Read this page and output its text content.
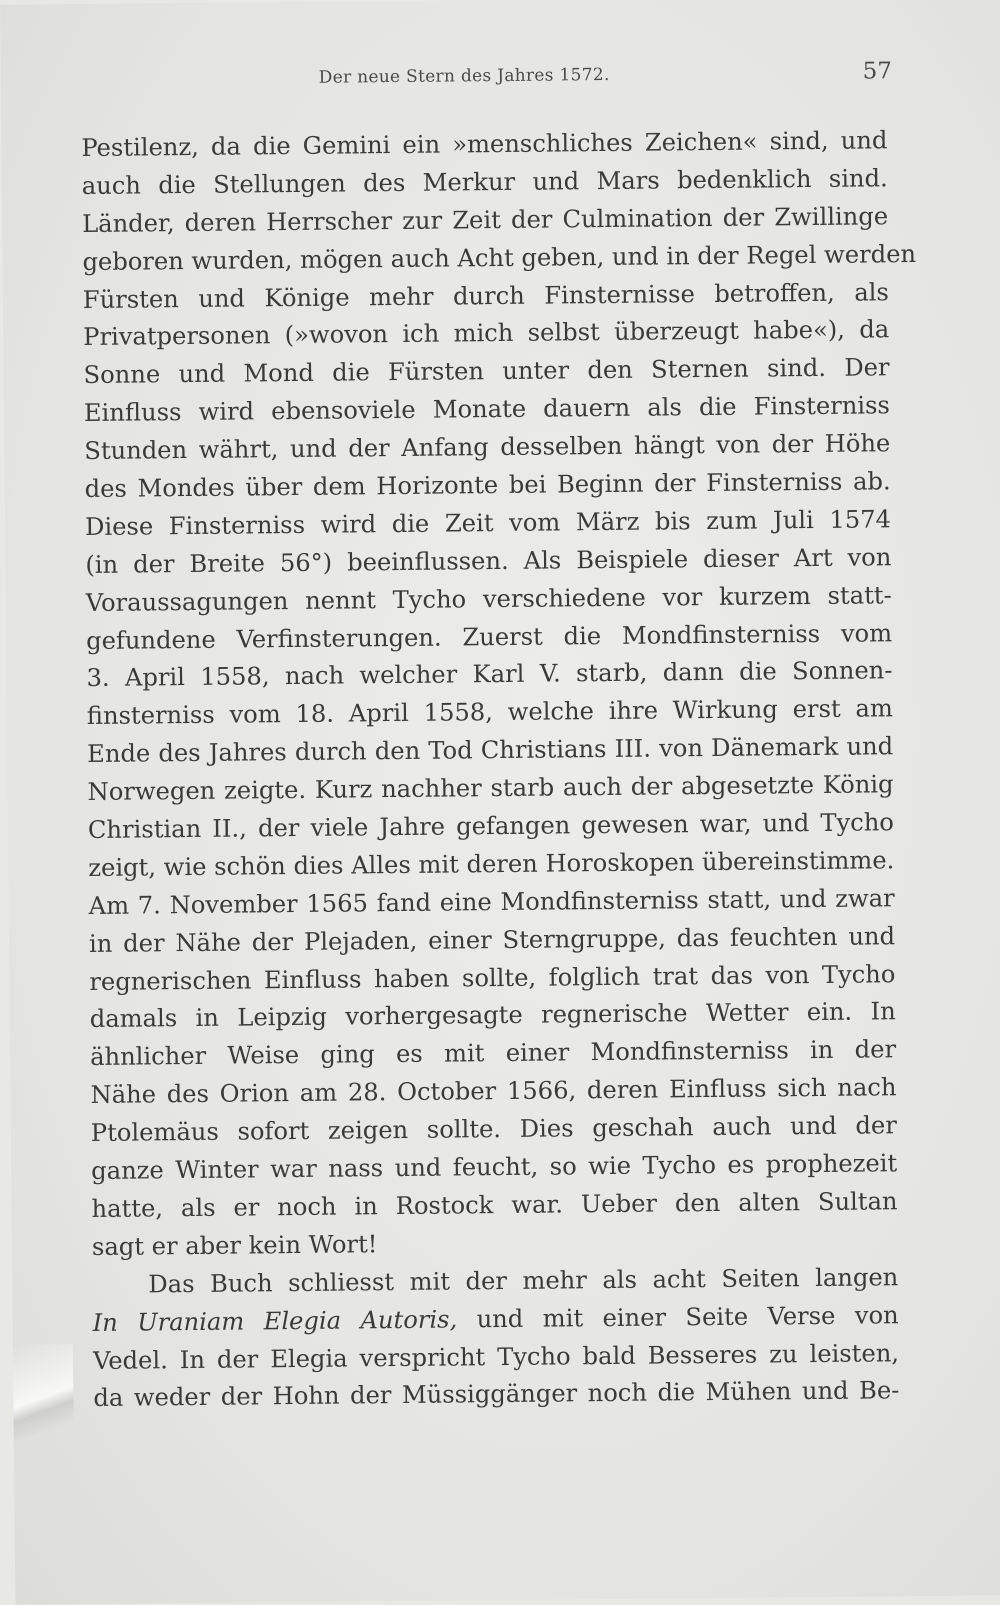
Der neue Stern des Jahres 1572.	57
Pestilenz, da die Gemini ein »menschliches Zeichen« sind, und
auch die Stellungen des Merkur und Mars bedenklich sind.
Länder, deren Herrscher zur Zeit der Culmination der Zwillinge
geboren wurden, mögen auch Acht geben, und in der Regel werden
Fürsten und Könige mehr durch Finsternisse betroffen, als
Privatpersonen (»wovon ich mich selbst überzeugt habe«), da
Sonne und Mond die Fürsten unter den Sternen sind. Der
Einfluss wird ebensoviele Monate dauern als die Finsterniss
Stunden währt, und der Anfang desselben hängt von der Höhe
des Mondes über dem Horizonte bei Beginn der Finsterniss ab.
Diese Finsterniss wird die Zeit vom März bis zum Juli 1574
(in der Breite 56°) beeinflussen. Als Beispiele dieser Art von
Voraussagungen nennt Tycho verschiedene vor kurzem statt-
gefundene Verfinsterungen. Zuerst die Mondfinsterniss vom
3. April 1558, nach welcher Karl V. starb, dann die Sonnen-
finsterniss vom 18. April 1558, welche ihre Wirkung erst am
Ende des Jahres durch den Tod Christians III. von Dänemark und
Norwegen zeigte. Kurz nachher starb auch der abgesetzte König
Christian II., der viele Jahre gefangen gewesen war, und Tycho
zeigt, wie schön dies Alles mit deren Horoskopen übereinstimme.
Am 7. November 1565 fand eine Mondfinsterniss statt, und zwar
in der Nähe der Plejaden, einer Sterngruppe, das feuchten und
regnerischen Einfluss haben sollte, folglich trat das von Tycho
damals in Leipzig vorhergesagte regnerische Wetter ein. In
ähnlicher Weise ging es mit einer Mondfinsterniss in der
Nähe des Orion am 28. October 1566, deren Einfluss sich nach
Ptolemäus sofort zeigen sollte. Dies geschah auch und der
ganze Winter war nass und feucht, so wie Tycho es prophezeit
hatte, als er noch in Rostock war. Ueber den alten Sultan
sagt er aber kein Wort!
Das Buch schliesst mit der mehr als acht Seiten langen
In Uraniam Elegia Autoris, und mit einer Seite Verse von
Vedel. In der Elegia verspricht Tycho bald Besseres zu leisten,
da weder der Hohn der Müssiggänger noch die Mühen und Be-
